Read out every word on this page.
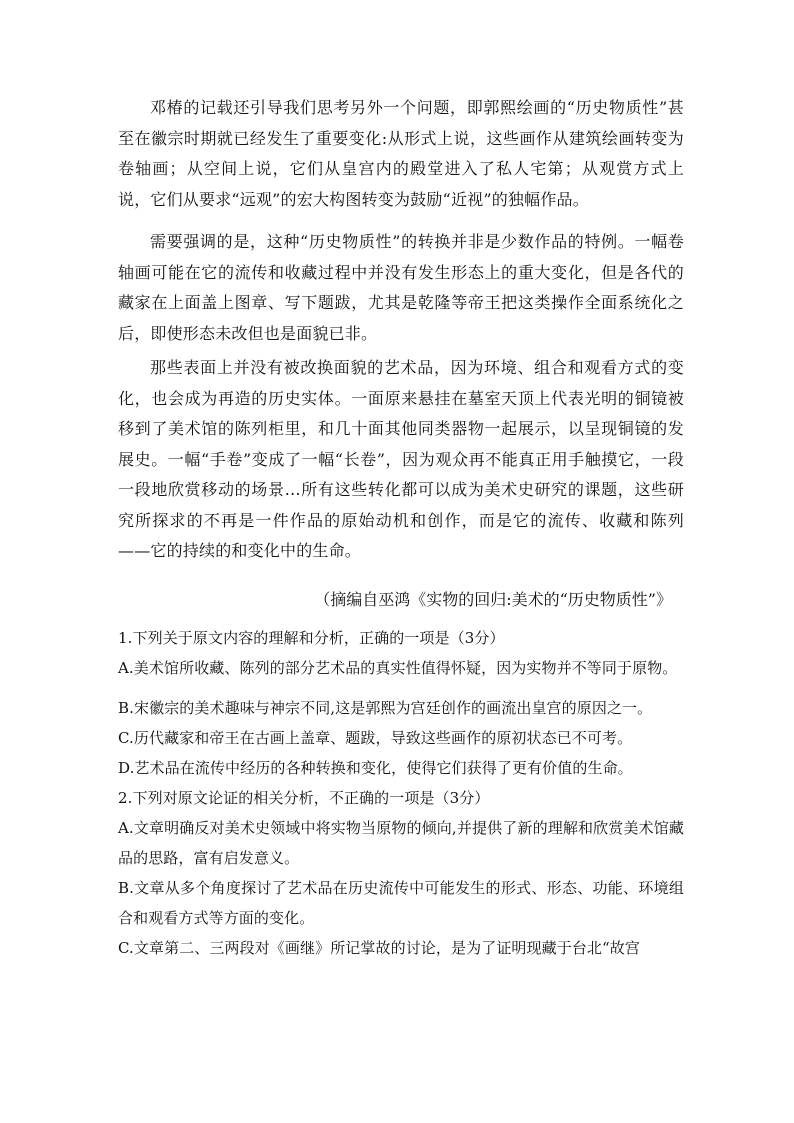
邓椿的记载还引导我们思考另外一个问题，即郭熙绘画的“历史物质性”甚至在徽宗时期就已经发生了重要变化:从形式上说，这些画作从建筑绘画转变为卷轴画；从空间上说，它们从皇宫内的殿堂进入了私人宅第；从观赏方式上说，它们从要求“远观”的宏大构图转变为鼓励“近视”的独幅作品。

需要强调的是，这种“历史物质性”的转换并非是少数作品的特例。一幅卷轴画可能在它的流传和收藏过程中并没有发生形态上的重大变化，但是各代的藏家在上面盖上图章、写下题跋，尤其是乾隆等帝王把这类操作全面系统化之后，即使形态未改但也是面貌已非。

那些表面上并没有被改换面貌的艺术品，因为环境、组合和观看方式的变化，也会成为再造的历史实体。一面原来悬挂在墓室天顶上代表光明的铜镜被移到了美术馆的陈列柜里，和几十面其他同类器物一起展示，以呈现铜镜的发展史。一幅“手卷”变成了一幅“长卷”，因为观众再不能真正用手触摸它，一段一段地欣赏移动的场景…所有这些转化都可以成为美术史研究的课题，这些研究所探求的不再是一件作品的原始动机和创作，而是它的流传、收藏和陈列——它的持续的和变化中的生命。

（摘编自巫鸿《实物的回归:美术的“历史物质性”》

1.下列关于原文内容的理解和分析，正确的一项是（3分）

A.美术馆所收藏、陈列的部分艺术品的真实性值得怀疑，因为实物并不等同于原物。

B.宋徽宗的美术趣味与神宗不同,这是郭熙为宫廷创作的画流出皇宫的原因之一。

C.历代藏家和帝王在古画上盖章、题跋，导致这些画作的原初状态已不可考。

D.艺术品在流传中经历的各种转换和变化，使得它们获得了更有价值的生命。

2.下列对原文论证的相关分析，不正确的一项是（3分）

A.文章明确反对美术史领域中将实物当原物的倾向,并提供了新的理解和欣赏美术馆藏品的思路，富有启发意义。

B.文章从多个角度探讨了艺术品在历史流传中可能发生的形式、形态、功能、环境组合和观看方式等方面的变化。

C.文章第二、三两段对《画继》所记掌故的讨论，是为了证明现藏于台北“故宫
